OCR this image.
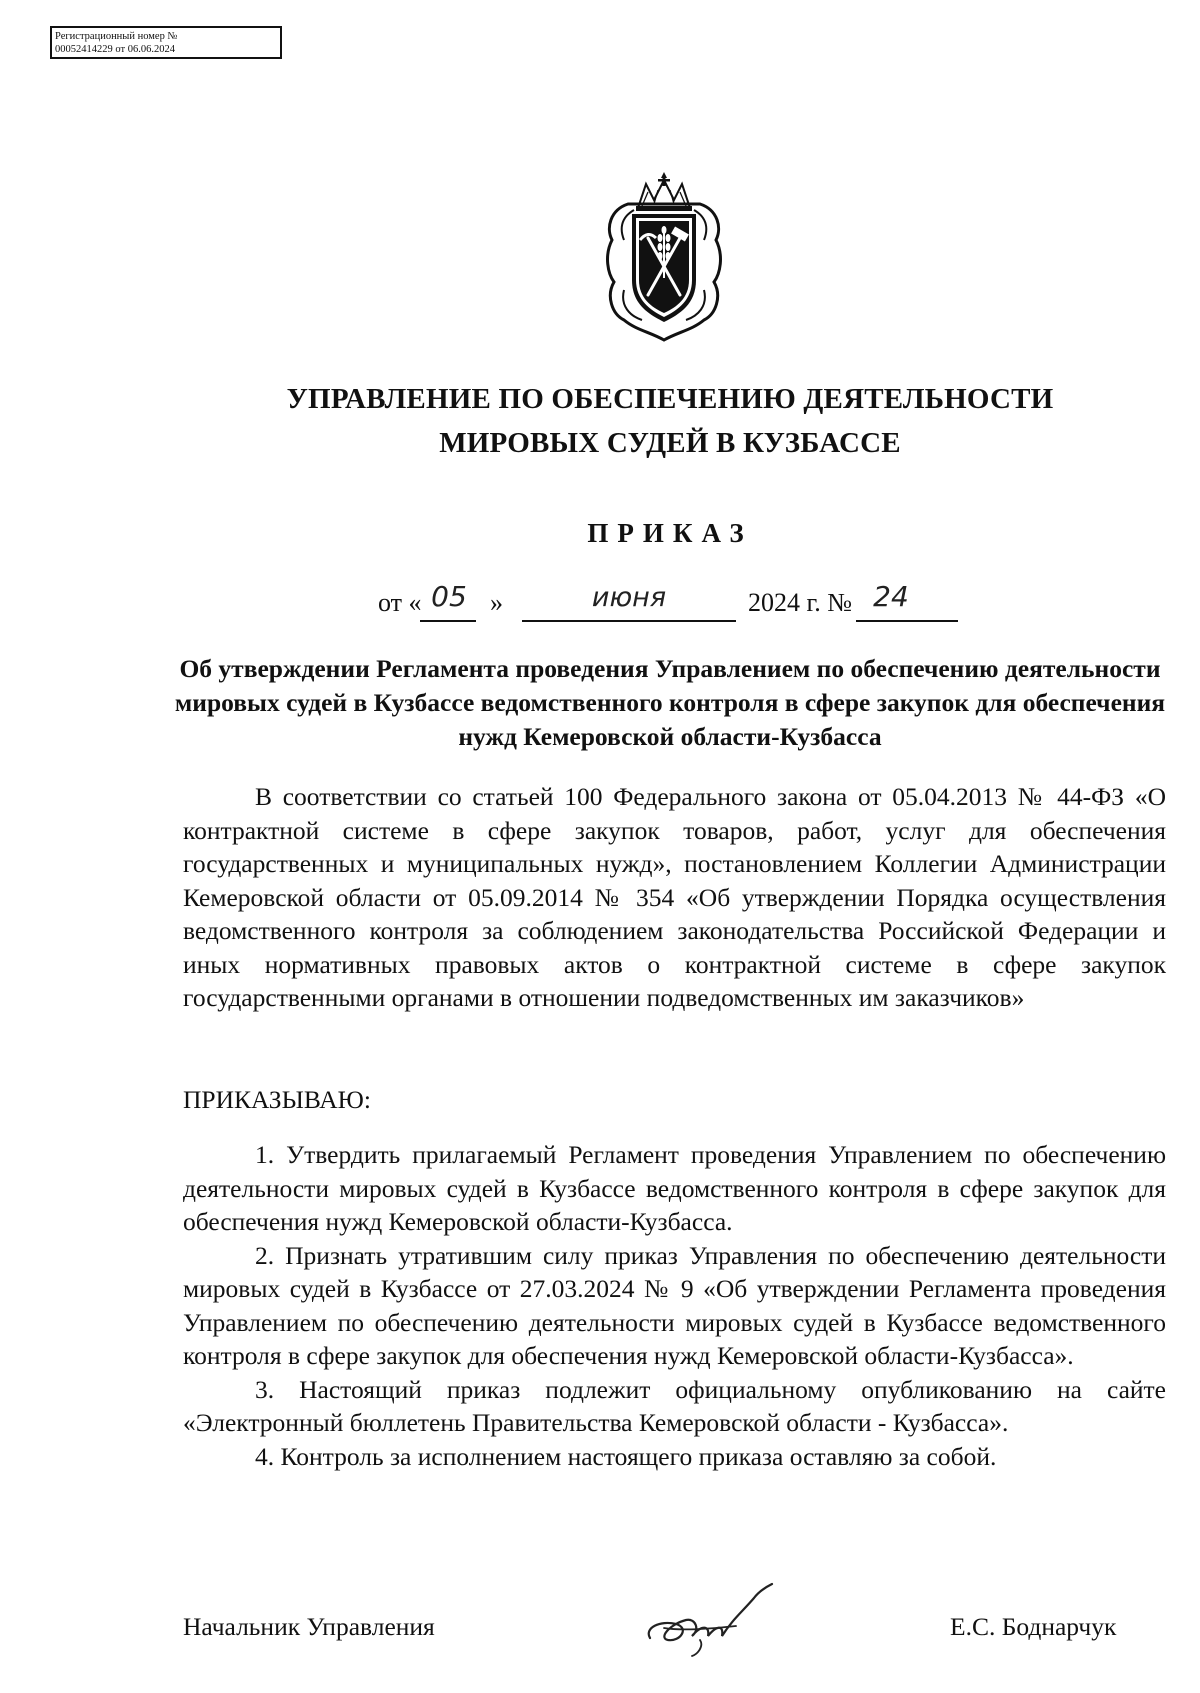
Регистрационный номер №
00052414229 от 06.06.2024
УПРАВЛЕНИЕ ПО ОБЕСПЕЧЕНИЮ ДЕЯТЕЛЬНОСТИ
МИРОВЫХ СУДЕЙ В КУЗБАССЕ
ПРИКАЗ
от « 05 »	июня	2024 г. № 24
Об утверждении Регламента проведения Управлением по обеспечению деятельности мировых судей в Кузбассе ведомственного контроля в сфере закупок для обеспечения нужд Кемеровской области-Кузбасса
В соответствии со статьей 100 Федерального закона от 05.04.2013 № 44-ФЗ «О контрактной системе в сфере закупок товаров, работ, услуг для обеспечения государственных и муниципальных нужд», постановлением Коллегии Администрации Кемеровской области от 05.09.2014 № 354 «Об утверждении Порядка осуществления ведомственного контроля за соблюдением законодательства Российской Федерации и иных нормативных правовых актов о контрактной системе в сфере закупок государственными органами в отношении подведомственных им заказчиков»
ПРИКАЗЫВАЮ:

1. Утвердить прилагаемый Регламент проведения Управлением по обеспечению деятельности мировых судей в Кузбассе ведомственного контроля в сфере закупок для обеспечения нужд Кемеровской области-Кузбасса.

2. Признать утратившим силу приказ Управления по обеспечению деятельности мировых судей в Кузбассе от 27.03.2024 № 9 «Об утверждении Регламента проведения Управлением по обеспечению деятельности мировых судей в Кузбассе ведомственного контроля в сфере закупок для обеспечения нужд Кемеровской области-Кузбасса».

3. Настоящий приказ подлежит официальному опубликованию на сайте «Электронный бюллетень Правительства Кемеровской области - Кузбасса».

4. Контроль за исполнением настоящего приказа оставляю за собой.

Начальник Управления	Е.С. Боднарчук
